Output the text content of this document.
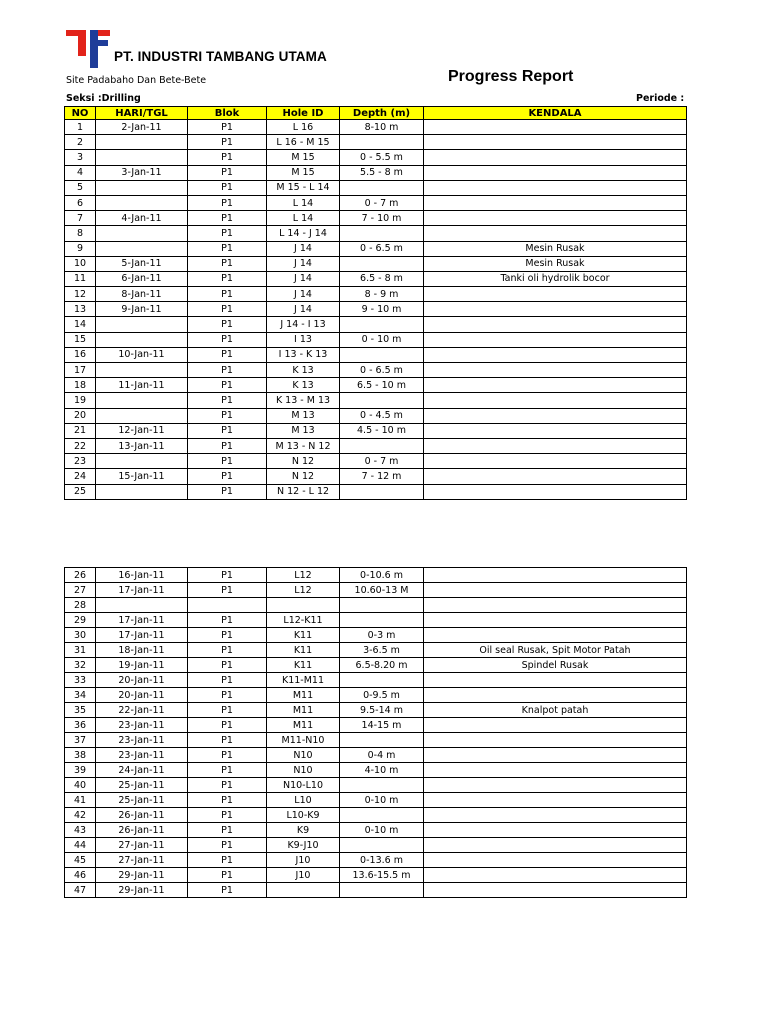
PT. INDUSTRI TAMBANG UTAMA
Site Padabaho Dan Bete-Bete	Progress Report
Seksi :Drilling	Periode :
NO	HARI/TGL	Blok	Hole ID	Depth (m)	KENDALA
1	2-Jan-11	P1	L 16	8-10 m	
2		P1	L 16 - M 15		
3		P1	M 15	0 - 5.5 m	
4	3-Jan-11	P1	M 15	5.5 - 8 m	
5		P1	M 15 - L 14		
6		P1	L 14	0 - 7 m	
7	4-Jan-11	P1	L 14	7 - 10 m	
8		P1	L 14 - J 14		
9		P1	J 14	0 - 6.5 m	Mesin Rusak
10	5-Jan-11	P1	J 14		Mesin Rusak
11	6-Jan-11	P1	J 14	6.5 - 8 m	Tanki oli hydrolik bocor
12	8-Jan-11	P1	J 14	8 - 9 m	
13	9-Jan-11	P1	J 14	9 - 10 m	
14		P1	J 14 - I 13		
15		P1	I 13	0 - 10 m	
16	10-Jan-11	P1	I 13 - K 13		
17		P1	K 13	0 - 6.5 m	
18	11-Jan-11	P1	K 13	6.5 - 10 m	
19		P1	K 13 - M 13		
20		P1	M 13	0 - 4.5 m	
21	12-Jan-11	P1	M 13	4.5 - 10 m	
22	13-Jan-11	P1	M 13 - N 12		
23		P1	N 12	0 - 7 m	
24	15-Jan-11	P1	N 12	7 - 12 m	
25		P1	N 12 - L 12		
26	16-Jan-11	P1	L12	0-10.6 m	
27	17-Jan-11	P1	L12	10.60-13 M	
28					
29	17-Jan-11	P1	L12-K11		
30	17-Jan-11	P1	K11	0-3 m	
31	18-Jan-11	P1	K11	3-6.5 m	Oil seal Rusak, Spit Motor Patah
32	19-Jan-11	P1	K11	6.5-8.20 m	Spindel Rusak
33	20-Jan-11	P1	K11-M11		
34	20-Jan-11	P1	M11	0-9.5 m	
35	22-Jan-11	P1	M11	9.5-14 m	Knalpot patah
36	23-Jan-11	P1	M11	14-15 m	
37	23-Jan-11	P1	M11-N10		
38	23-Jan-11	P1	N10	0-4 m	
39	24-Jan-11	P1	N10	4-10 m	
40	25-Jan-11	P1	N10-L10		
41	25-Jan-11	P1	L10	0-10 m	
42	26-Jan-11	P1	L10-K9		
43	26-Jan-11	P1	K9	0-10 m	
44	27-Jan-11	P1	K9-J10		
45	27-Jan-11	P1	J10	0-13.6 m	
46	29-Jan-11	P1	J10	13.6-15.5 m	
47	29-Jan-11	P1			
